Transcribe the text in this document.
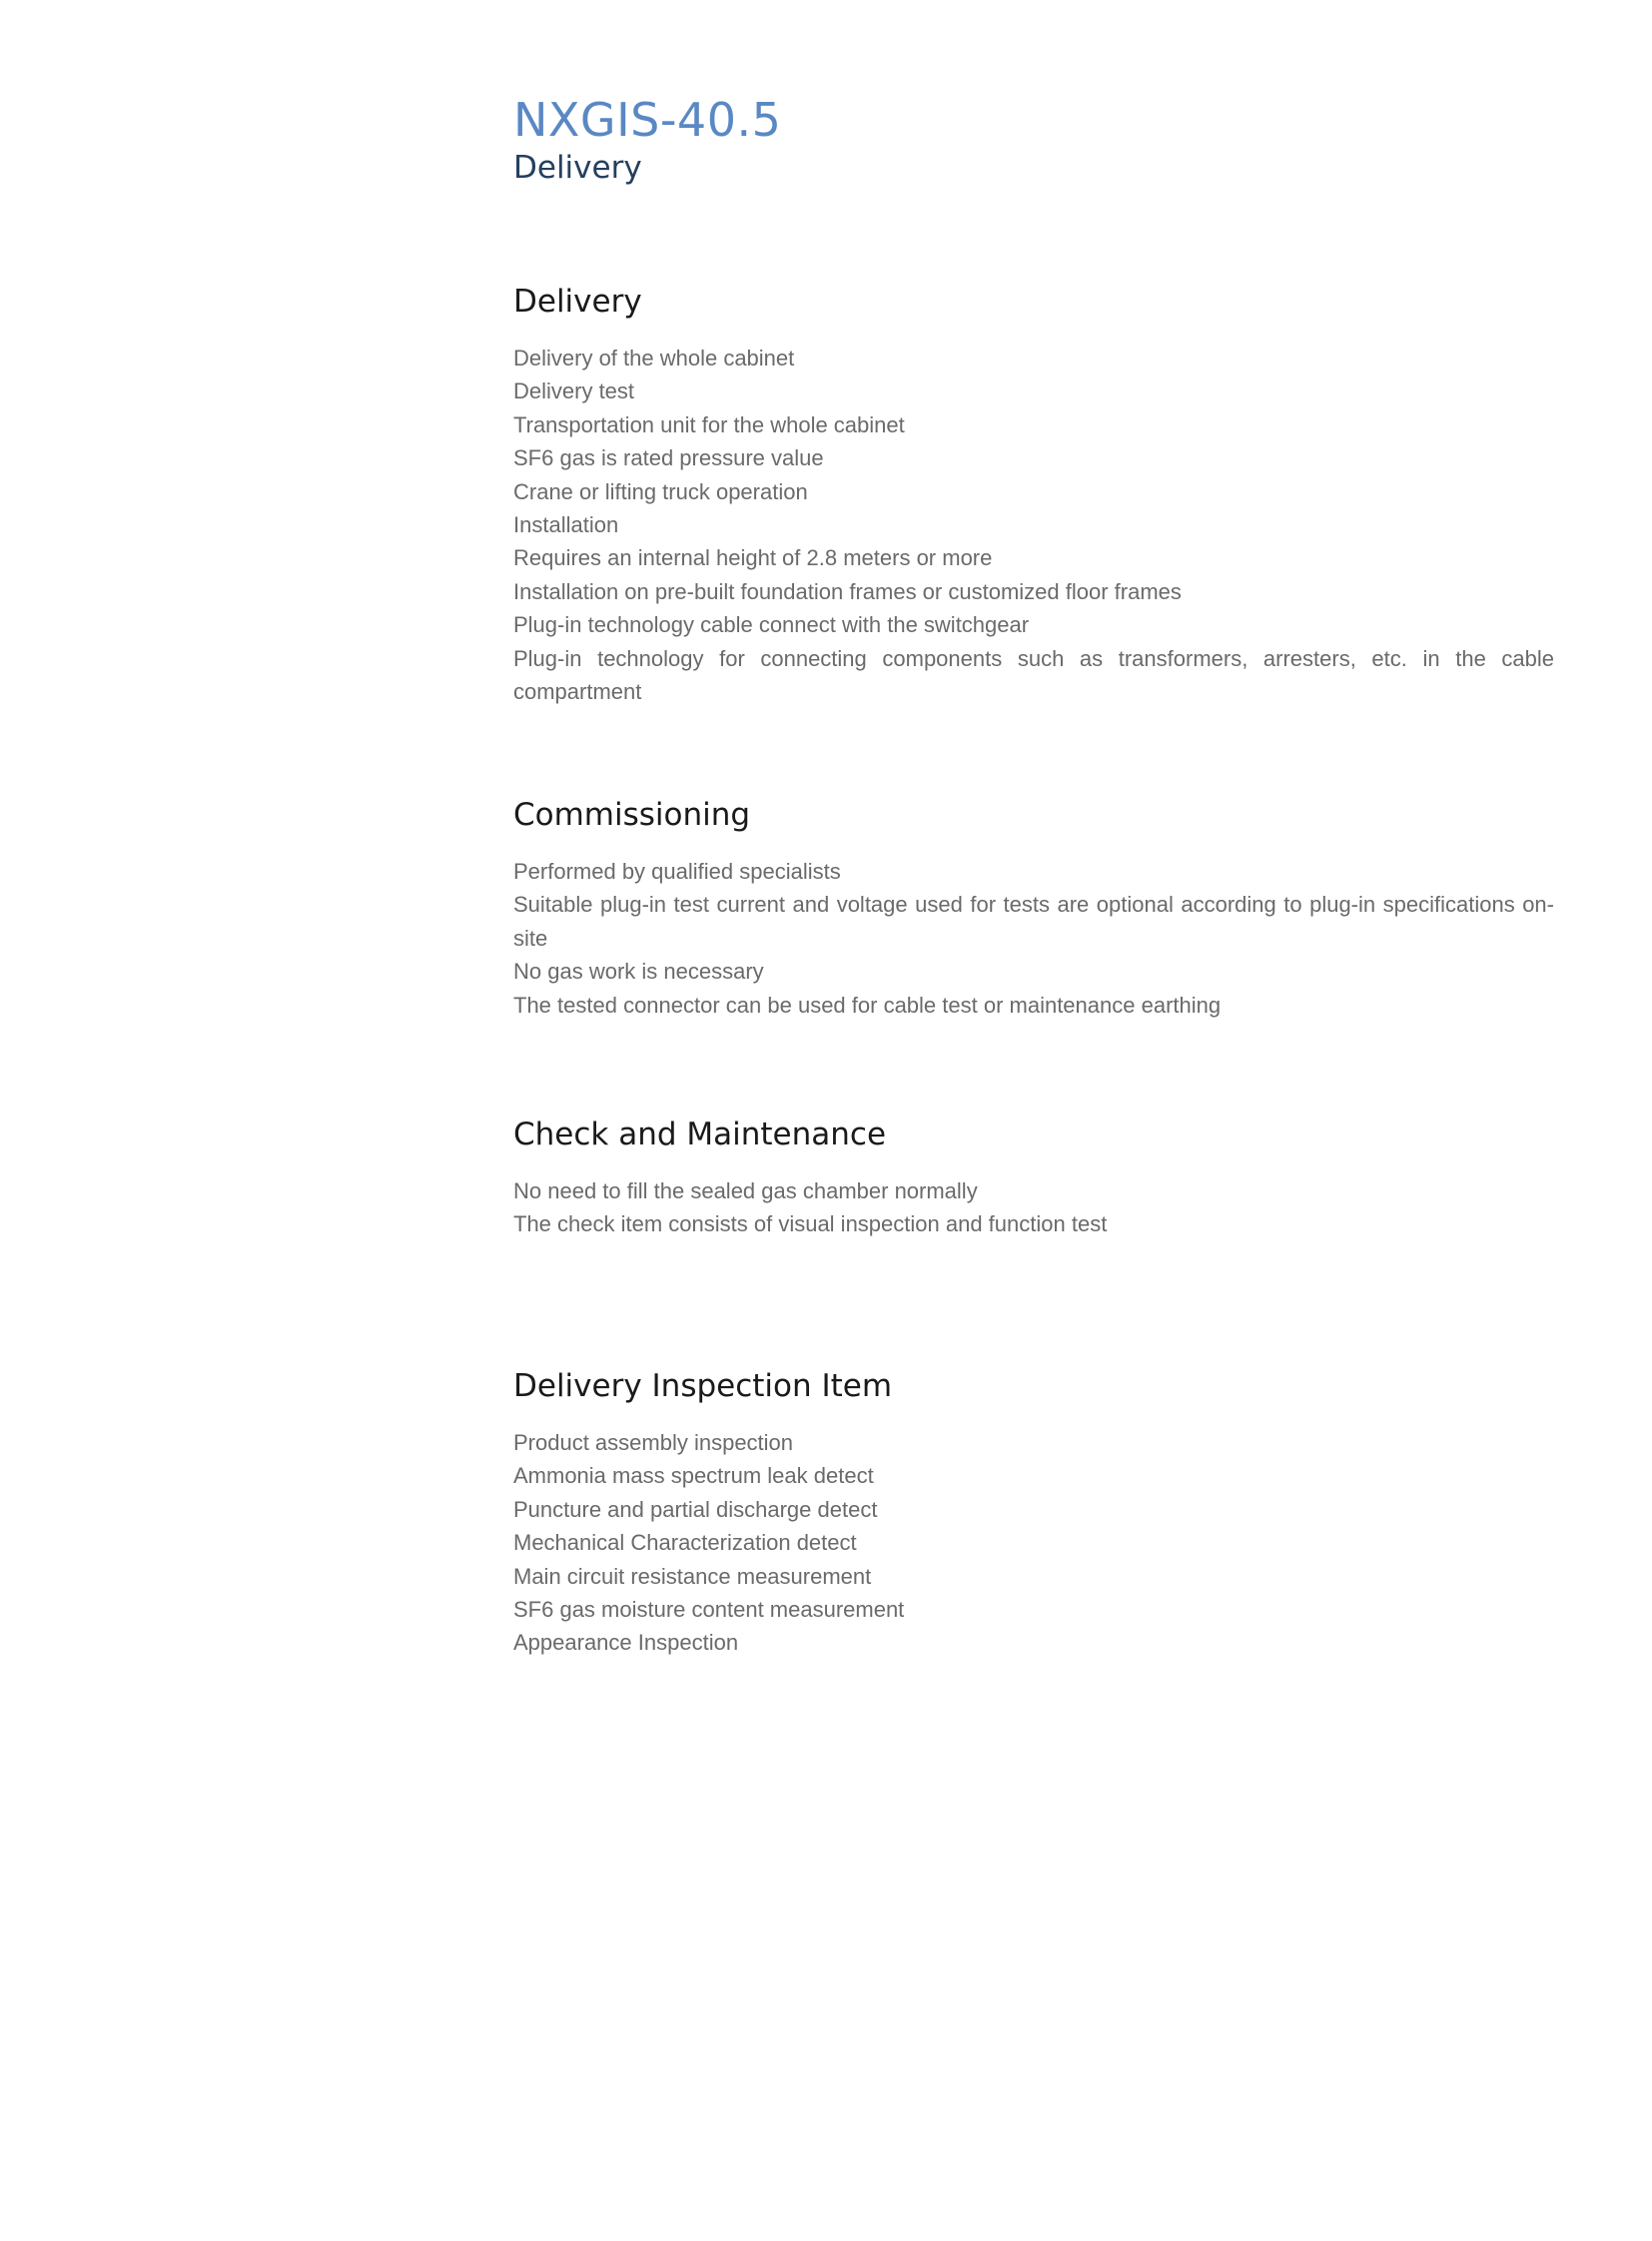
NXGIS-40.5
Delivery
Delivery
Delivery of the whole cabinet
Delivery test
Transportation unit for the whole cabinet
SF6 gas is rated pressure value
Crane or lifting truck operation
Installation
Requires an internal height of 2.8 meters or more
Installation on pre-built foundation frames or customized floor frames
Plug-in technology cable connect with the switchgear
Plug-in technology for connecting components such as transformers, arresters, etc. in the cable compartment
Commissioning
Performed by qualified specialists
Suitable plug-in test current and voltage used for tests are optional according to plug-in specifications on-site
No gas work is necessary
The tested connector can be used for cable test or maintenance earthing
Check and Maintenance
No need to fill the sealed gas chamber normally
The check item consists of visual inspection and function test
Delivery Inspection Item
Product assembly inspection
Ammonia mass spectrum leak detect
Puncture and partial discharge detect
Mechanical Characterization detect
Main circuit resistance measurement
SF6 gas moisture content measurement
Appearance Inspection
